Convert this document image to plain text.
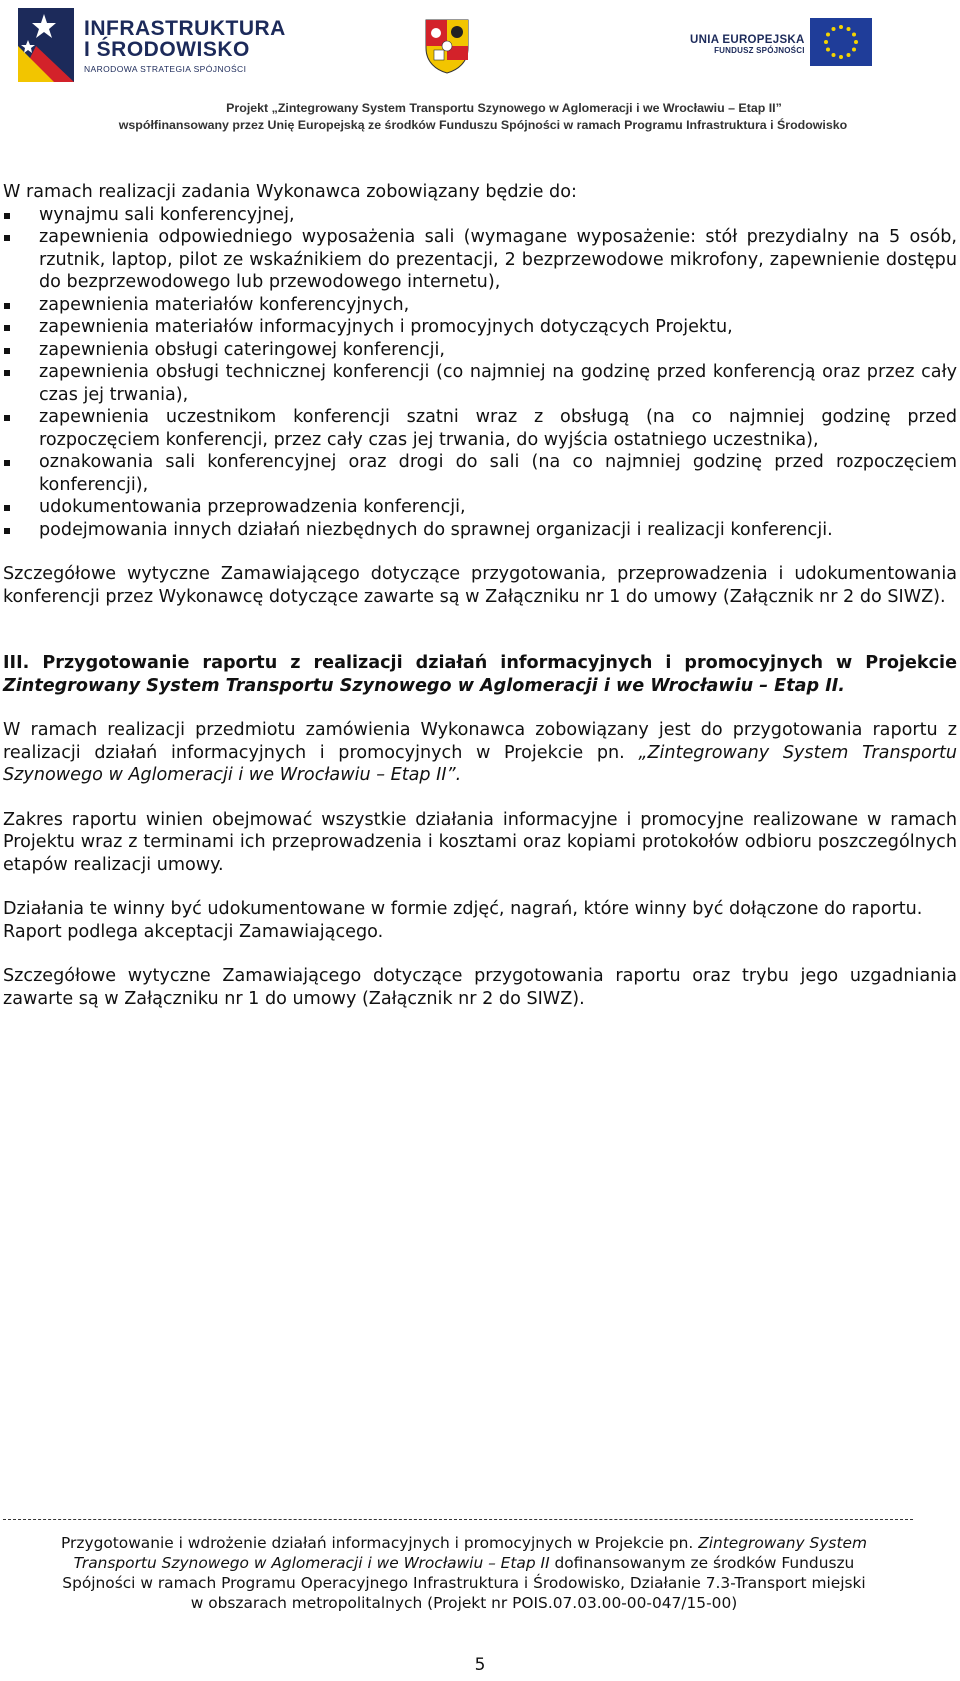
INFRASTRUKTURA
I ŚRODOWISKO
NARODOWA STRATEGIA SPÓJNOŚCI
UNIA EUROPEJSKA
FUNDUSZ SPÓJNOŚCI
Projekt „Zintegrowany System Transportu Szynowego w Aglomeracji i we Wrocławiu – Etap II”
współfinansowany przez Unię Europejską ze środków Funduszu Spójności w ramach Programu Infrastruktura i Środowisko

W ramach realizacji zadania Wykonawca zobowiązany będzie do:

wynajmu sali konferencyjnej,
zapewnienia odpowiedniego wyposażenia sali (wymagane wyposażenie: stół prezydialny na 5 osób, rzutnik, laptop, pilot ze wskaźnikiem do prezentacji, 2 bezprzewodowe mikrofony, zapewnienie dostępu do bezprzewodowego lub przewodowego internetu),
zapewnienia materiałów konferencyjnych,
zapewnienia materiałów informacyjnych i promocyjnych dotyczących Projektu,
zapewnienia obsługi cateringowej konferencji,
zapewnienia obsługi technicznej konferencji (co najmniej na godzinę przed konferencją oraz przez cały czas jej trwania),
zapewnienia uczestnikom konferencji szatni wraz z obsługą (na co najmniej godzinę przed rozpoczęciem konferencji, przez cały czas jej trwania, do wyjścia ostatniego uczestnika),
oznakowania sali konferencyjnej oraz drogi do sali (na co najmniej godzinę przed rozpoczęciem konferencji),
udokumentowania przeprowadzenia konferencji,
podejmowania innych działań niezbędnych do sprawnej organizacji i realizacji konferencji.

Szczegółowe wytyczne Zamawiającego dotyczące przygotowania, przeprowadzenia i udokumentowania konferencji przez Wykonawcę dotyczące zawarte są w Załączniku nr 1 do umowy (Załącznik nr 2 do SIWZ).

III. Przygotowanie raportu z realizacji działań informacyjnych i promocyjnych w Projekcie Zintegrowany System Transportu Szynowego w Aglomeracji i we Wrocławiu – Etap II.

W ramach realizacji przedmiotu zamówienia Wykonawca zobowiązany jest do przygotowania raportu z realizacji działań informacyjnych i promocyjnych w Projekcie pn. „Zintegrowany System Transportu Szynowego w Aglomeracji i we Wrocławiu – Etap II”.

Zakres raportu winien obejmować wszystkie działania informacyjne i promocyjne realizowane w ramach Projektu wraz z terminami ich przeprowadzenia i kosztami oraz kopiami protokołów odbioru poszczególnych etapów realizacji umowy.

Działania te winny być udokumentowane w formie zdjęć, nagrań, które winny być dołączone do raportu.

Raport podlega akceptacji Zamawiającego.

Szczegółowe wytyczne Zamawiającego dotyczące przygotowania raportu oraz trybu jego uzgadniania zawarte są w Załączniku nr 1 do umowy (Załącznik nr 2 do SIWZ).

Przygotowanie i wdrożenie działań informacyjnych i promocyjnych w Projekcie pn. Zintegrowany System
Transportu Szynowego w Aglomeracji i we Wrocławiu – Etap II dofinansowanym ze środków Funduszu
Spójności w ramach Programu Operacyjnego Infrastruktura i Środowisko, Działanie 7.3-Transport miejski
w obszarach metropolitalnych (Projekt nr POIS.07.03.00-00-047/15-00)
5
